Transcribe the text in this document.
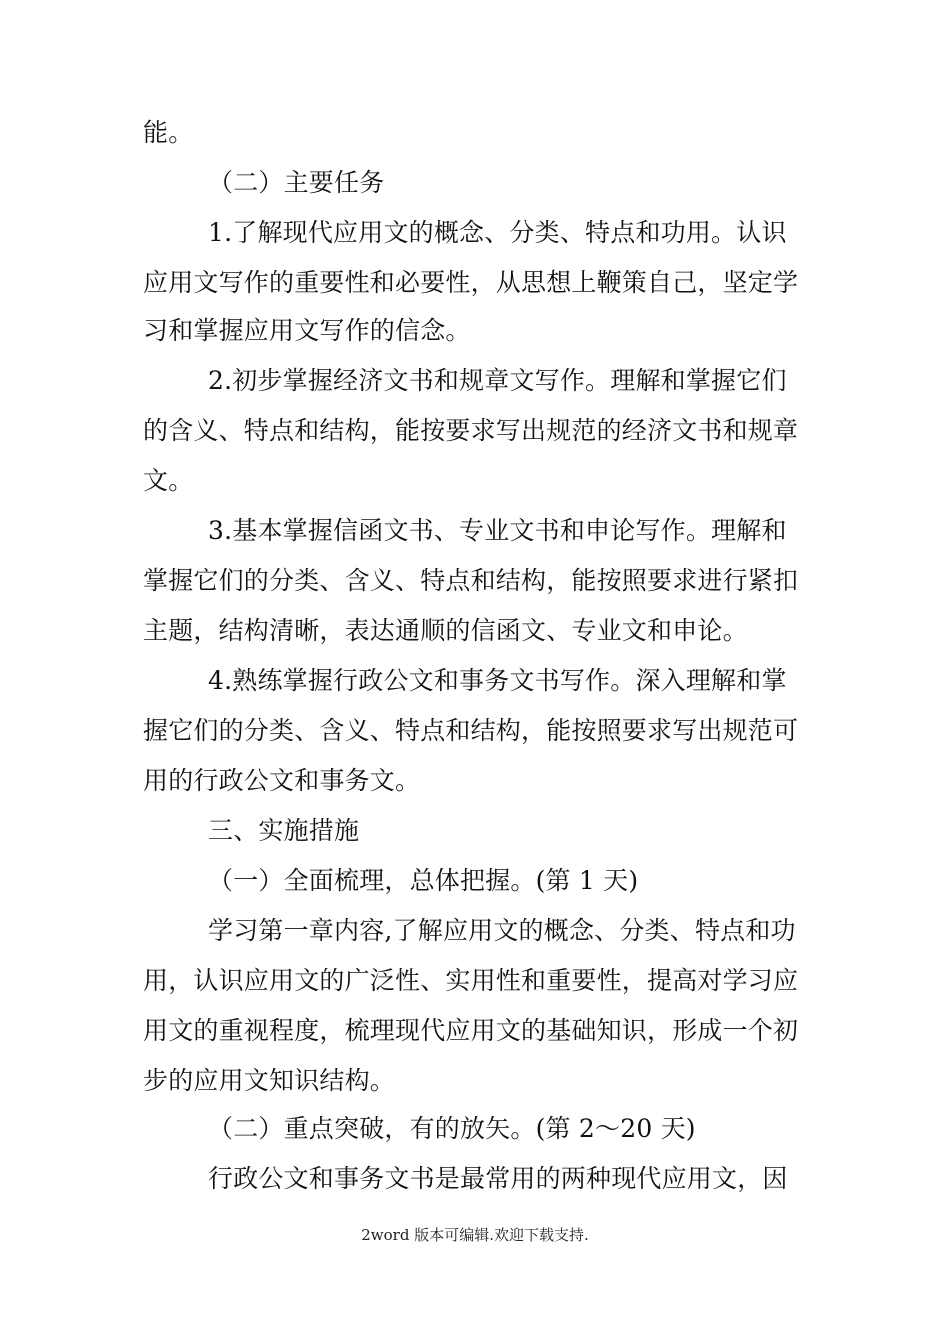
能。
（二）主要任务
1.了解现代应用文的概念、分类、特点和功用。认识
应用文写作的重要性和必要性，从思想上鞭策自己，坚定学
习和掌握应用文写作的信念。
2.初步掌握经济文书和规章文写作。理解和掌握它们
的含义、特点和结构，能按要求写出规范的经济文书和规章
文。
3.基本掌握信函文书、专业文书和申论写作。理解和
掌握它们的分类、含义、特点和结构，能按照要求进行紧扣
主题，结构清晰，表达通顺的信函文、专业文和申论。
4.熟练掌握行政公文和事务文书写作。深入理解和掌
握它们的分类、含义、特点和结构，能按照要求写出规范可
用的行政公文和事务文。
三、实施措施
（一）全面梳理，总体把握。(第 1 天)
学习第一章内容,了解应用文的概念、分类、特点和功
用，认识应用文的广泛性、实用性和重要性，提高对学习应
用文的重视程度，梳理现代应用文的基础知识，形成一个初
步的应用文知识结构。
（二）重点突破，有的放矢。(第 2～20 天)
行政公文和事务文书是最常用的两种现代应用文，因
2word 版本可编辑.欢迎下载支持.
